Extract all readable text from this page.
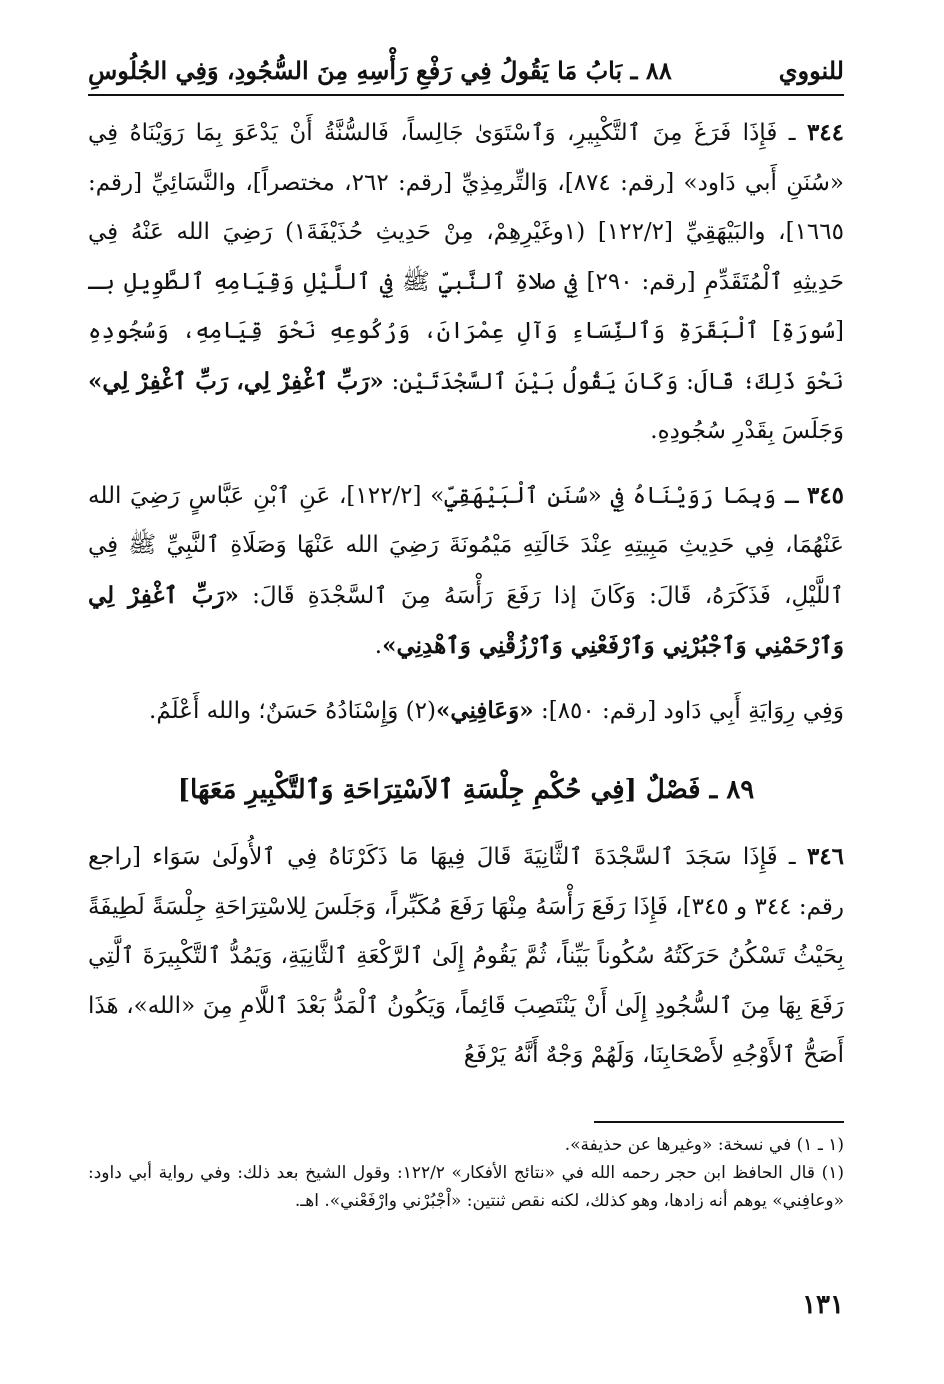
للنووي
٨٨ ـ بَابُ مَا يَقُولُ فِي رَفْعِ رَأْسِهِ مِنَ السُّجُودِ، وَفِي الجُلُوسِ

٣٤٤ ـ فَإِذَا فَرَغَ مِنَ ٱلتَّكْبِيرِ، وَٱسْتَوَىٰ جَالِساً، فَالسُّنَّةُ أَنْ يَدْعَوَ بِمَا رَوَيْنَاهُ فِي «سُنَنِ أَبي دَاود» [رقم: ٨٧٤]، وَالتِّرمِذِيِّ [رقم: ٢٦٢، مختصراً]، والنَّسَائِيِّ [رقم: ١٦٦٥]، والبَيْهَقِيِّ [١٢٢/٢] (١وغَيْرِهِمْ، مِنْ حَدِيثِ حُذَيْفَةَ١) رَضِيَ الله عَنْهُ فِي حَدِيثِهِ ٱلْمُتَقَدِّمِ [رقم: ٢٩٠] فِي صلاةِ ٱلنَّبيِّ ﷺ فِي ٱللَّيْلِ وَقِيَامِهِ ٱلطَّوِيلِ بـ [سُورَةِ] ٱلْبَقَرَةِ وَٱلنِّسَاءِ وَآلِ عِمْرَانَ، وَرُكُوعِهِ نَحْوَ قِيَامِهِ، وَسُجُودِهِ نَحْوَ ذَلِكَ؛ قَالَ: وَكَانَ يَقُولُ بَيْنَ ٱلسَّجْدَتَيْنِ: «رَبِّ ٱغْفِرْ لِي، رَبِّ ٱغْفِرْ لِي» وَجَلَسَ بِقَدْرِ سُجُودِهِ.

٣٤٥ ـ وَبِمَا رَوَيْنَاهُ فِي «سُنَنِ ٱلْبَيْهَقِيِّ» [١٢٢/٢]، عَنِ ٱبْنِ عَبَّاسٍ رَضِيَ الله عَنْهُمَا، فِي حَدِيثِ مَبِيتِهِ عِنْدَ خَالَتِهِ مَيْمُونَةَ رَضِيَ الله عَنْهَا وَصَلَاةِ ٱلنَّبِيِّ ﷺ فِي ٱللَّيْلِ، فَذَكَرَهُ، قَالَ: وَكَانَ إذا رَفَعَ رَأْسَهُ مِنَ ٱلسَّجْدَةِ قَالَ: «رَبِّ ٱغْفِرْ لِي وَٱرْحَمْنِي وَٱجْبُرْنِي وَٱرْفَعْنِي وَٱرْزُقْنِي وَٱهْدِنِي».

وَفِي رِوَايَةِ أَبِي دَاود [رقم: ٨٥٠]: «وَعَافِنِي»(٢) وَإِسْنَادُهُ حَسَنٌ؛ والله أَعْلَمُ.

٨٩ ـ فَصْلٌ [فِي حُكْمِ جِلْسَةِ ٱلاَسْتِرَاحَةِ وَٱلتَّكْبِيرِ مَعَهَا]

٣٤٦ ـ فَإِذَا سَجَدَ ٱلسَّجْدَةَ ٱلثَّانِيَةَ قَالَ فِيهَا مَا ذَكَرْنَاهُ فِي ٱلأُولَىٰ سَوَاء [راجع رقم: ٣٤٤ و ٣٤٥]، فَإِذَا رَفَعَ رَأْسَهُ مِنْهَا رَفَعَ مُكَبِّراً، وَجَلَسَ لِلاسْتِرَاحَةِ جِلْسَةً لَطِيفَةً بِحَيْثُ تَسْكُنُ حَرَكَتُهُ سُكُوناً بَيِّناً، ثُمَّ يَقُومُ إِلَىٰ ٱلرَّكْعَةِ ٱلثَّانِيَةِ، وَيَمُدُّ ٱلتَّكْبِيرَةَ ٱلَّتِي رَفَعَ بِهَا مِنَ ٱلسُّجُودِ إِلَىٰ أَنْ يَنْتَصِبَ قَائِماً، وَيَكُونُ ٱلْمَدُّ بَعْدَ ٱللَّامِ مِنَ «الله»، هَذَا أَصَحُّ ٱلأَوْجُهِ لأَصْحَابِنَا، وَلَهُمْ وَجْهٌ أَنَّهُ يَرْفَعُ

(١ ـ ١) في نسخة: «وغيرها عن حذيفة».

(١) قال الحافظ ابن حجر رحمه الله في «نتائج الأفكار» ١٢٢/٢: وقول الشيخ بعد ذلك: وفي رواية أبي داود: «وعافِني» يوهم أنه زادها، وهو كذلك، لكنه نقص ثنتين: «اْجْبُرْني وارْفَعْني». اهـ.

١٣١
